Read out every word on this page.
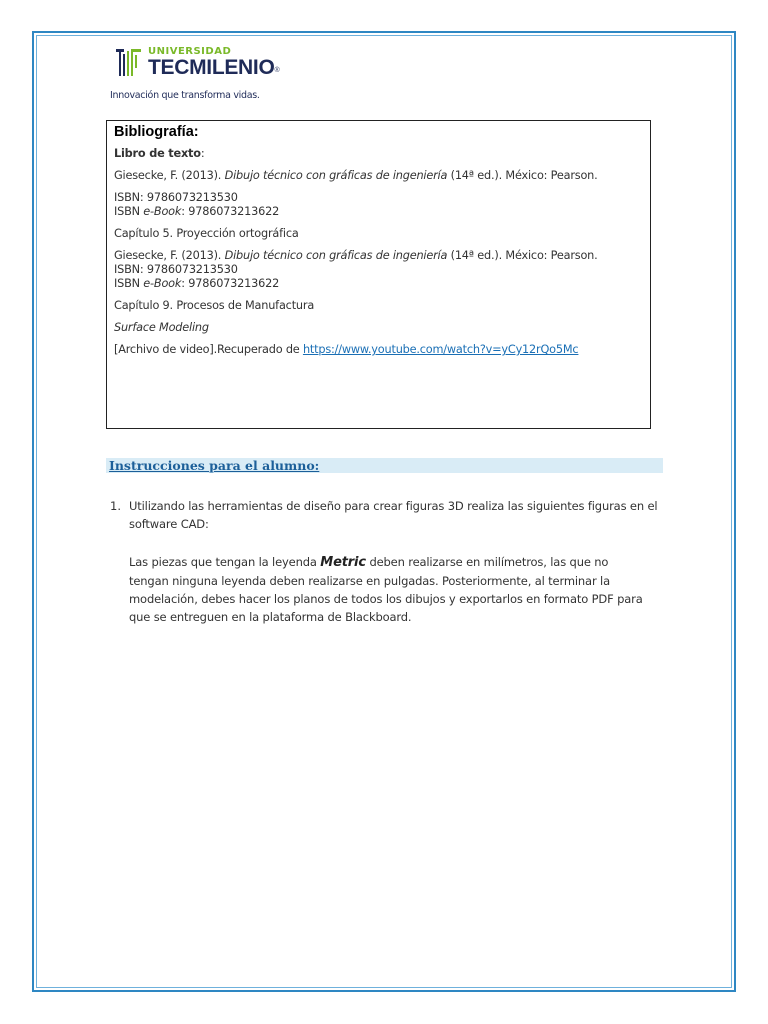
UNIVERSIDAD
TECMILENIO®
Innovación que transforma vidas.
Bibliografía:
Libro de texto:
Giesecke, F. (2013). Dibujo técnico con gráficas de ingeniería (14ª ed.). México: Pearson.
ISBN: 9786073213530
ISBN e-Book: 9786073213622
Capítulo 5. Proyección ortográfica
Giesecke, F. (2013). Dibujo técnico con gráficas de ingeniería (14ª ed.). México: Pearson.
ISBN: 9786073213530
ISBN e-Book: 9786073213622
Capítulo 9. Procesos de Manufactura
Surface Modeling
[Archivo de video].Recuperado de https://www.youtube.com/watch?v=yCy12rQo5Mc
Instrucciones para el alumno:
1. Utilizando las herramientas de diseño para crear figuras 3D realiza las siguientes figuras en el software CAD:
Las piezas que tengan la leyenda Metric deben realizarse en milímetros, las que no tengan ninguna leyenda deben realizarse en pulgadas. Posteriormente, al terminar la modelación, debes hacer los planos de todos los dibujos y exportarlos en formato PDF para que se entreguen en la plataforma de Blackboard.
